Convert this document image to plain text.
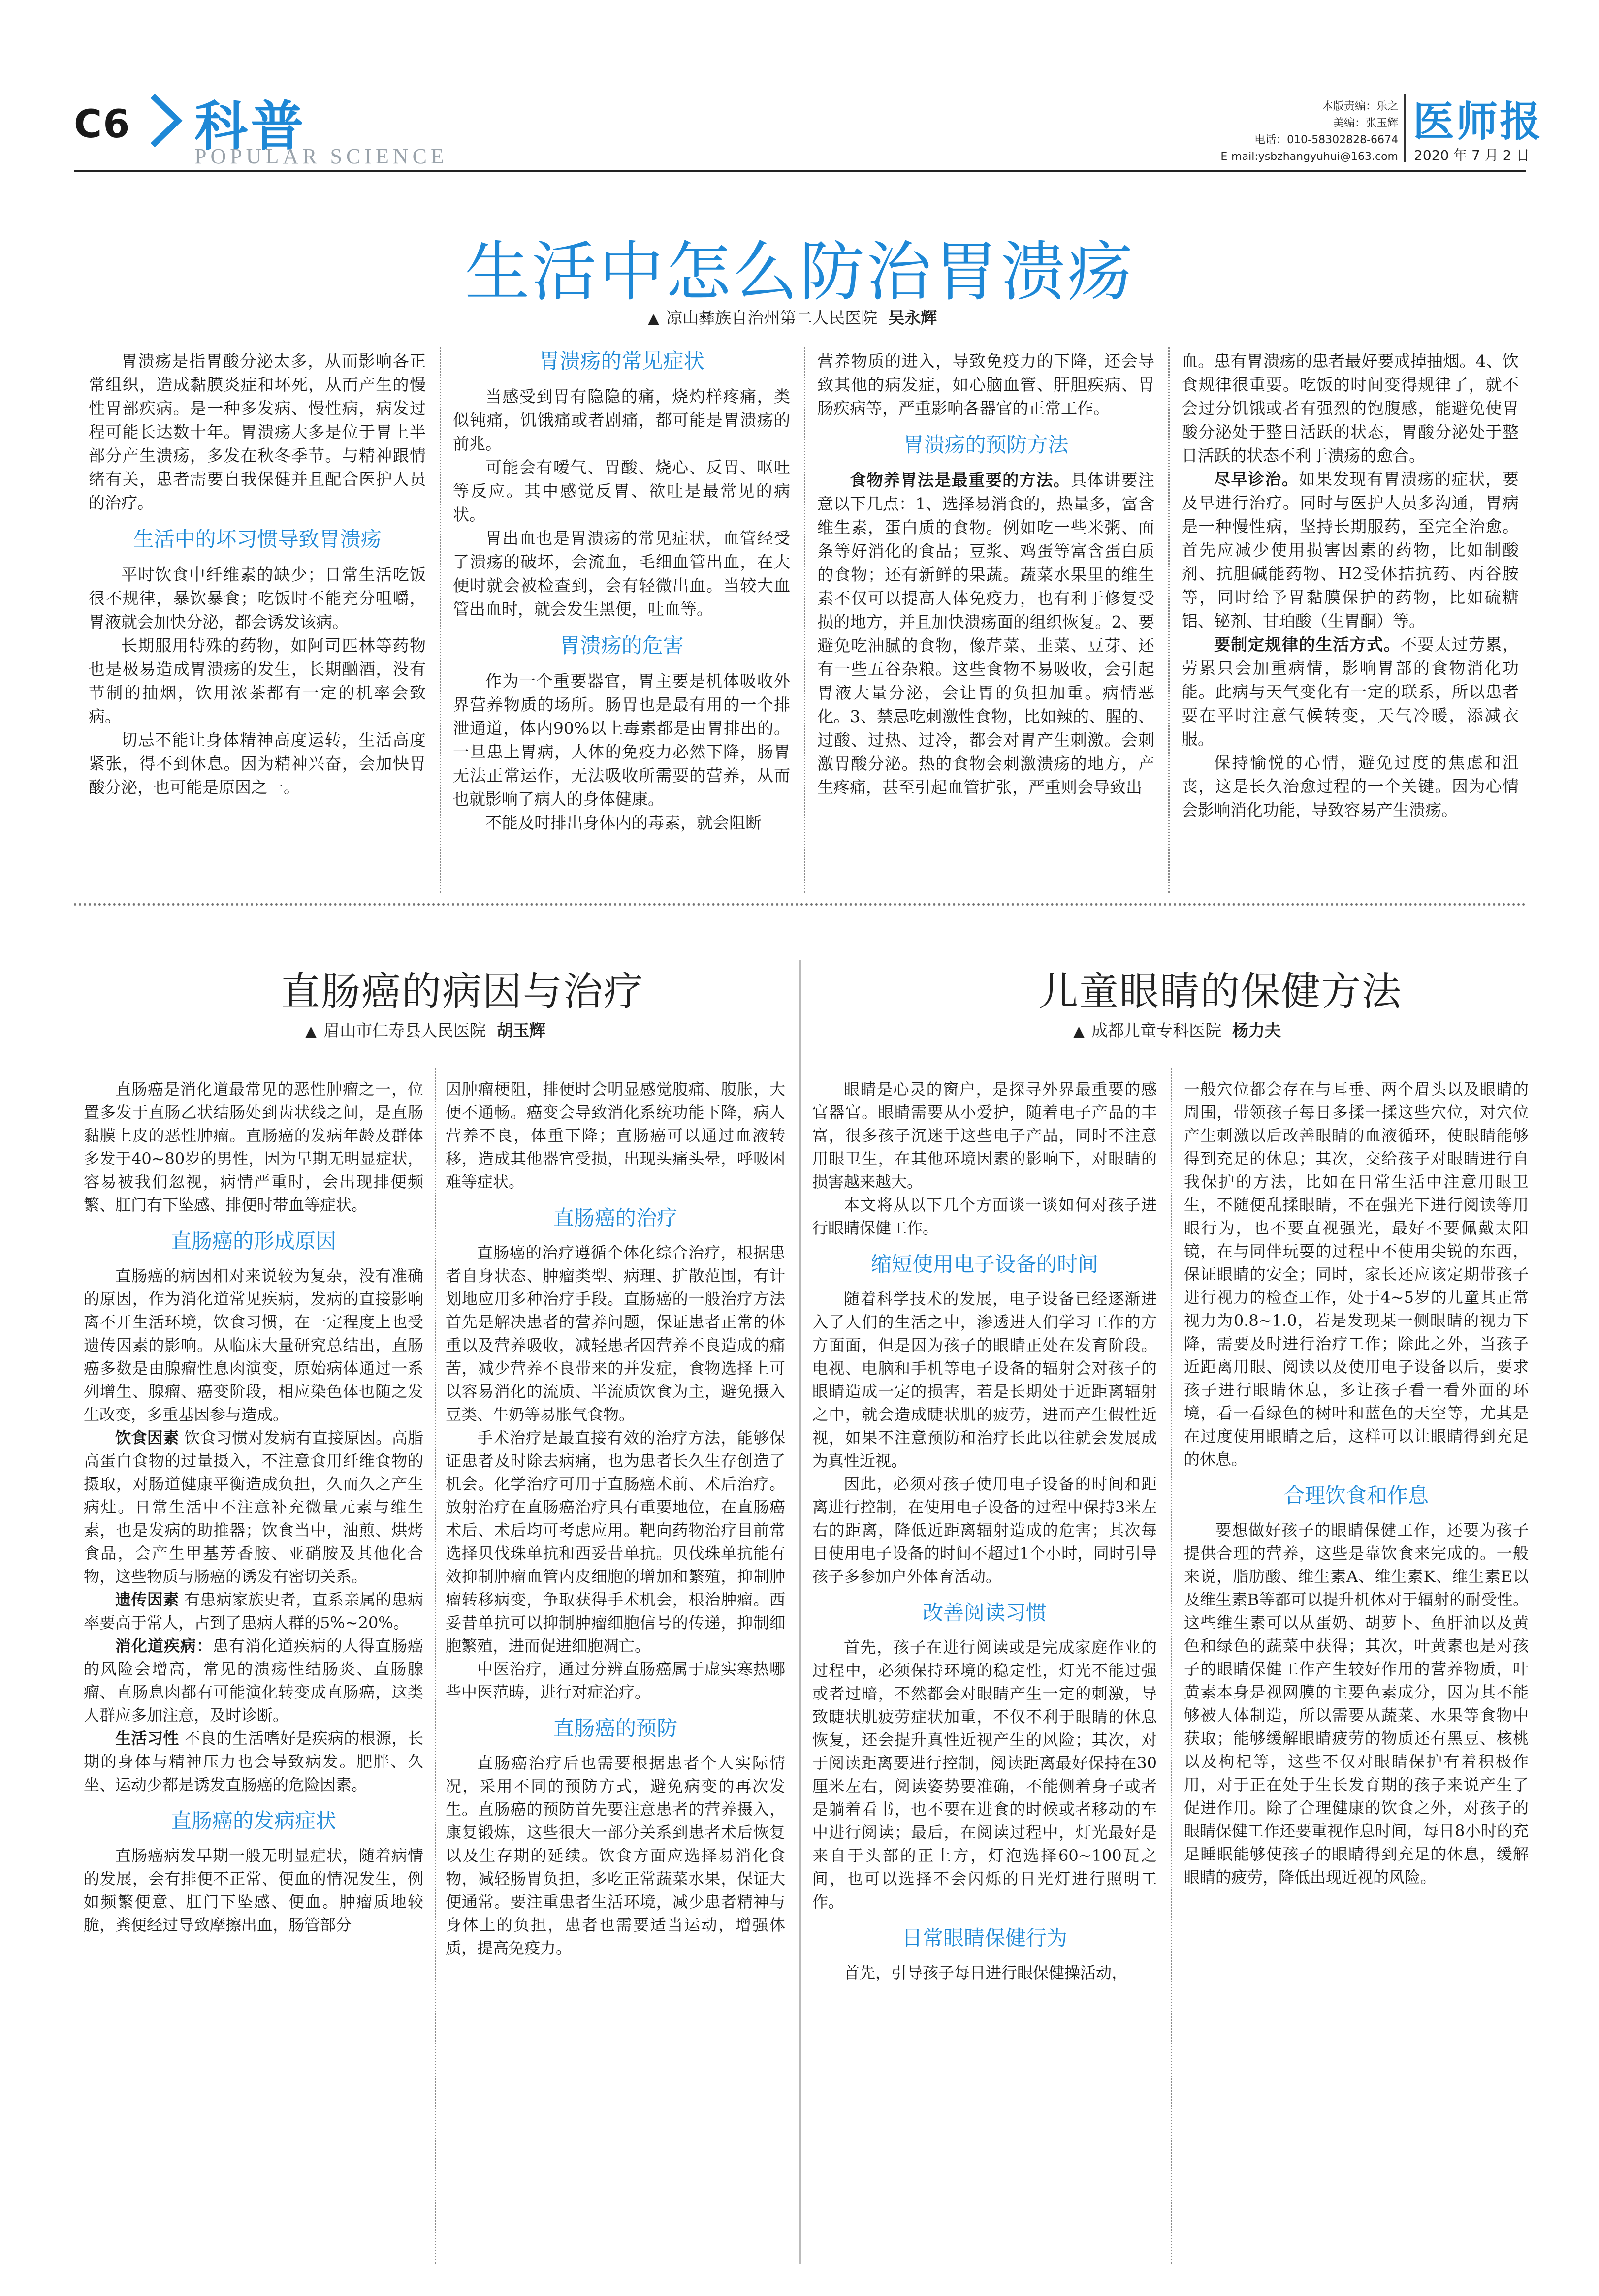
C6 科普
POPULAR SCIENCE
本版责编：乐之
美编：张玉辉
电话：010-58302828-6674
E-mail:ysbzhangyuhui@163.com
医师报
2020 年 7 月 2 日
生活中怎么防治胃溃疡
▲ 凉山彝族自治州第二人民医院 吴永辉

胃溃疡是指胃酸分泌太多，从而影响各正常组织，造成黏膜炎症和坏死，从而产生的慢性胃部疾病。是一种多发病、慢性病，病发过程可能长达数十年。胃溃疡大多是位于胃上半部分产生溃疡，多发在秋冬季节。与精神跟情绪有关，患者需要自我保健并且配合医护人员的治疗。

生活中的坏习惯导致胃溃疡

平时饮食中纤维素的缺少；日常生活吃饭很不规律，暴饮暴食；吃饭时不能充分咀嚼，胃液就会加快分泌，都会诱发该病。

长期服用特殊的药物，如阿司匹林等药物也是极易造成胃溃疡的发生，长期酗酒，没有节制的抽烟，饮用浓茶都有一定的机率会致病。

切忌不能让身体精神高度运转，生活高度紧张，得不到休息。因为精神兴奋，会加快胃酸分泌，也可能是原因之一。

胃溃疡的常见症状

当感受到胃有隐隐的痛，烧灼样疼痛，类似钝痛，饥饿痛或者剧痛，都可能是胃溃疡的前兆。

可能会有嗳气、胃酸、烧心、反胃、呕吐等反应。其中感觉反胃、欲吐是最常见的病状。

胃出血也是胃溃疡的常见症状，血管经受了溃疡的破坏，会流血，毛细血管出血，在大便时就会被检查到，会有轻微出血。当较大血管出血时，就会发生黑便，吐血等。

胃溃疡的危害

作为一个重要器官，胃主要是机体吸收外界营养物质的场所。肠胃也是最有用的一个排泄通道，体内90%以上毒素都是由胃排出的。一旦患上胃病，人体的免疫力必然下降，肠胃无法正常运作，无法吸收所需要的营养，从而也就影响了病人的身体健康。

不能及时排出身体内的毒素，就会阻断

营养物质的进入，导致免疫力的下降，还会导致其他的病发症，如心脑血管、肝胆疾病、胃肠疾病等，严重影响各器官的正常工作。

胃溃疡的预防方法

食物养胃法是最重要的方法。具体讲要注意以下几点：1、选择易消食的，热量多，富含维生素，蛋白质的食物。例如吃一些米粥、面条等好消化的食品；豆浆、鸡蛋等富含蛋白质的食物；还有新鲜的果蔬。蔬菜水果里的维生素不仅可以提高人体免疫力，也有利于修复受损的地方，并且加快溃疡面的组织恢复。2、要避免吃油腻的食物，像芹菜、韭菜、豆芽、还有一些五谷杂粮。这些食物不易吸收，会引起胃液大量分泌，会让胃的负担加重。病情恶化。3、禁忌吃刺激性食物，比如辣的、腥的、过酸、过热、过冷，都会对胃产生刺激。会刺激胃酸分泌。热的食物会刺激溃疡的地方，产生疼痛，甚至引起血管扩张，严重则会导致出

血。患有胃溃疡的患者最好要戒掉抽烟。4、饮食规律很重要。吃饭的时间变得规律了，就不会过分饥饿或者有强烈的饱腹感，能避免使胃酸分泌处于整日活跃的状态，胃酸分泌处于整日活跃的状态不利于溃疡的愈合。

尽早诊治。如果发现有胃溃疡的症状，要及早进行治疗。同时与医护人员多沟通，胃病是一种慢性病，坚持长期服药，至完全治愈。首先应减少使用损害因素的药物，比如制酸剂、抗胆碱能药物、H2受体拮抗药、丙谷胺等，同时给予胃黏膜保护的药物，比如硫糖铝、铋剂、甘珀酸（生胃酮）等。

要制定规律的生活方式。不要太过劳累，劳累只会加重病情，影响胃部的食物消化功能。此病与天气变化有一定的联系，所以患者要在平时注意气候转变，天气冷暖，添减衣服。

保持愉悦的心情，避免过度的焦虑和沮丧，这是长久治愈过程的一个关键。因为心情会影响消化功能，导致容易产生溃疡。

直肠癌的病因与治疗
▲ 眉山市仁寿县人民医院 胡玉辉

直肠癌是消化道最常见的恶性肿瘤之一，位置多发于直肠乙状结肠处到齿状线之间，是直肠黏膜上皮的恶性肿瘤。直肠癌的发病年龄及群体多发于40~80岁的男性，因为早期无明显症状，容易被我们忽视，病情严重时，会出现排便频繁、肛门有下坠感、排便时带血等症状。

直肠癌的形成原因

直肠癌的病因相对来说较为复杂，没有准确的原因，作为消化道常见疾病，发病的直接影响离不开生活环境，饮食习惯，在一定程度上也受遗传因素的影响。从临床大量研究总结出，直肠癌多数是由腺瘤性息肉演变，原始病体通过一系列增生、腺瘤、癌变阶段，相应染色体也随之发生改变，多重基因参与造成。

饮食因素 饮食习惯对发病有直接原因。高脂高蛋白食物的过量摄入，不注意食用纤维食物的摄取，对肠道健康平衡造成负担，久而久之产生病灶。日常生活中不注意补充微量元素与维生素，也是发病的助推器；饮食当中，油煎、烘烤食品，会产生甲基芳香胺、亚硝胺及其他化合物，这些物质与肠癌的诱发有密切关系。

遗传因素 有患病家族史者，直系亲属的患病率要高于常人，占到了患病人群的5%~20%。

消化道疾病：患有消化道疾病的人得直肠癌的风险会增高，常见的溃疡性结肠炎、直肠腺瘤、直肠息肉都有可能演化转变成直肠癌，这类人群应多加注意，及时诊断。

生活习性 不良的生活嗜好是疾病的根源，长期的身体与精神压力也会导致病发。肥胖、久坐、运动少都是诱发直肠癌的危险因素。

直肠癌的发病症状

直肠癌病发早期一般无明显症状，随着病情的发展，会有排便不正常、便血的情况发生，例如频繁便意、肛门下坠感、便血。肿瘤质地较脆，粪便经过导致摩擦出血，肠管部分

因肿瘤梗阻，排便时会明显感觉腹痛、腹胀，大便不通畅。癌变会导致消化系统功能下降，病人营养不良，体重下降；直肠癌可以通过血液转移，造成其他器官受损，出现头痛头晕，呼吸困难等症状。

直肠癌的治疗

直肠癌的治疗遵循个体化综合治疗，根据患者自身状态、肿瘤类型、病理、扩散范围，有计划地应用多种治疗手段。直肠癌的一般治疗方法首先是解决患者的营养问题，保证患者正常的体重以及营养吸收，减轻患者因营养不良造成的痛苦，减少营养不良带来的并发症，食物选择上可以容易消化的流质、半流质饮食为主，避免摄入豆类、牛奶等易胀气食物。

手术治疗是最直接有效的治疗方法，能够保证患者及时除去病痛，也为患者长久生存创造了机会。化学治疗可用于直肠癌术前、术后治疗。放射治疗在直肠癌治疗具有重要地位，在直肠癌术后、术后均可考虑应用。靶向药物治疗目前常选择贝伐珠单抗和西妥昔单抗。贝伐珠单抗能有效抑制肿瘤血管内皮细胞的增加和繁殖，抑制肿瘤转移病变，争取获得手术机会，根治肿瘤。西妥昔单抗可以抑制肿瘤细胞信号的传递，抑制细胞繁殖，进而促进细胞凋亡。

中医治疗，通过分辨直肠癌属于虚实寒热哪些中医范畴，进行对症治疗。

直肠癌的预防

直肠癌治疗后也需要根据患者个人实际情况，采用不同的预防方式，避免病变的再次发生。直肠癌的预防首先要注意患者的营养摄入，康复锻炼，这些很大一部分关系到患者术后恢复以及生存期的延续。饮食方面应选择易消化食物，减轻肠胃负担，多吃正常蔬菜水果，保证大便通常。要注重患者生活环境，减少患者精神与身体上的负担，患者也需要适当运动，增强体质，提高免疫力。

儿童眼睛的保健方法
▲ 成都儿童专科医院 杨力夫

眼睛是心灵的窗户，是探寻外界最重要的感官器官。眼睛需要从小爱护，随着电子产品的丰富，很多孩子沉迷于这些电子产品，同时不注意用眼卫生，在其他环境因素的影响下，对眼睛的损害越来越大。

本文将从以下几个方面谈一谈如何对孩子进行眼睛保健工作。

缩短使用电子设备的时间

随着科学技术的发展，电子设备已经逐渐进入了人们的生活之中，渗透进人们学习工作的方方面面，但是因为孩子的眼睛正处在发育阶段。电视、电脑和手机等电子设备的辐射会对孩子的眼睛造成一定的损害，若是长期处于近距离辐射之中，就会造成睫状肌的疲劳，进而产生假性近视，如果不注意预防和治疗长此以往就会发展成为真性近视。

因此，必须对孩子使用电子设备的时间和距离进行控制，在使用电子设备的过程中保持3米左右的距离，降低近距离辐射造成的危害；其次每日使用电子设备的时间不超过1个小时，同时引导孩子多参加户外体育活动。

改善阅读习惯

首先，孩子在进行阅读或是完成家庭作业的过程中，必须保持环境的稳定性，灯光不能过强或者过暗，不然都会对眼睛产生一定的刺激，导致睫状肌疲劳症状加重，不仅不利于眼睛的休息恢复，还会提升真性近视产生的风险；其次，对于阅读距离要进行控制，阅读距离最好保持在30厘米左右，阅读姿势要准确，不能侧着身子或者是躺着看书，也不要在进食的时候或者移动的车中进行阅读；最后，在阅读过程中，灯光最好是来自于头部的正上方，灯泡选择60~100瓦之间，也可以选择不会闪烁的日光灯进行照明工作。

日常眼睛保健行为

首先，引导孩子每日进行眼保健操活动，

一般穴位都会存在与耳垂、两个眉头以及眼睛的周围，带领孩子每日多揉一揉这些穴位，对穴位产生刺激以后改善眼睛的血液循环，使眼睛能够得到充足的休息；其次，交给孩子对眼睛进行自我保护的方法，比如在日常生活中注意用眼卫生，不随便乱揉眼睛，不在强光下进行阅读等用眼行为，也不要直视强光，最好不要佩戴太阳镜，在与同伴玩耍的过程中不使用尖锐的东西，保证眼睛的安全；同时，家长还应该定期带孩子进行视力的检查工作，处于4~5岁的儿童其正常视力为0.8~1.0，若是发现某一侧眼睛的视力下降，需要及时进行治疗工作；除此之外，当孩子近距离用眼、阅读以及使用电子设备以后，要求孩子进行眼睛休息，多让孩子看一看外面的环境，看一看绿色的树叶和蓝色的天空等，尤其是在过度使用眼睛之后，这样可以让眼睛得到充足的休息。

合理饮食和作息

要想做好孩子的眼睛保健工作，还要为孩子提供合理的营养，这些是靠饮食来完成的。一般来说，脂肪酸、维生素A、维生素K、维生素E以及维生素B等都可以提升机体对于辐射的耐受性。这些维生素可以从蛋奶、胡萝卜、鱼肝油以及黄色和绿色的蔬菜中获得；其次，叶黄素也是对孩子的眼睛保健工作产生较好作用的营养物质，叶黄素本身是视网膜的主要色素成分，因为其不能够被人体制造，所以需要从蔬菜、水果等食物中获取；能够缓解眼睛疲劳的物质还有黑豆、核桃以及枸杞等，这些不仅对眼睛保护有着积极作用，对于正在处于生长发育期的孩子来说产生了促进作用。除了合理健康的饮食之外，对孩子的眼睛保健工作还要重视作息时间，每日8小时的充足睡眠能够使孩子的眼睛得到充足的休息，缓解眼睛的疲劳，降低出现近视的风险。
